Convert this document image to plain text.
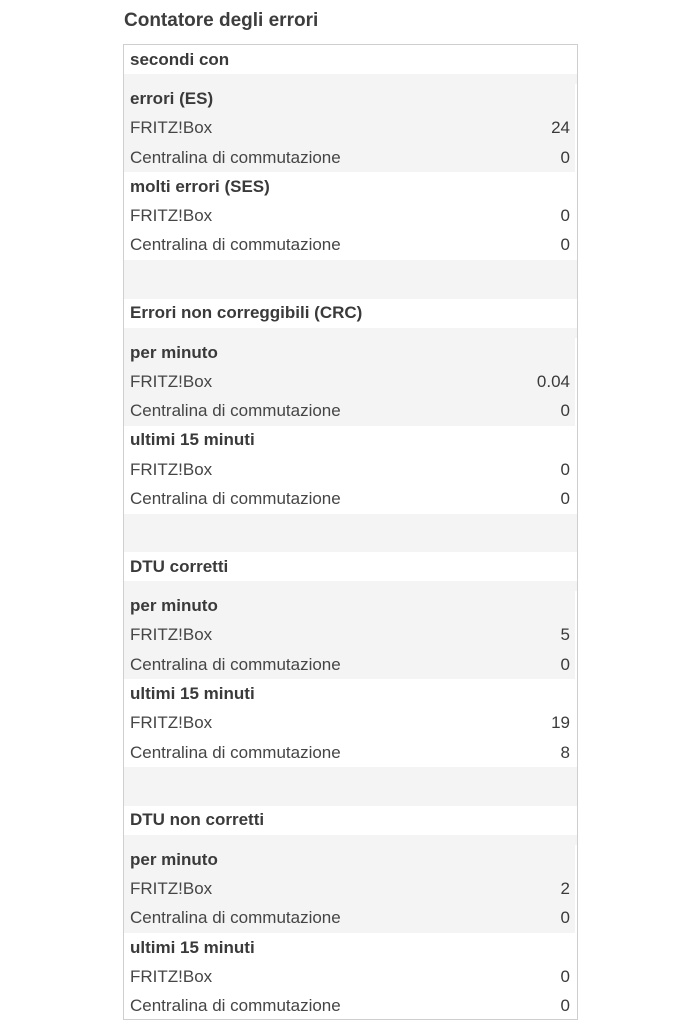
Contatore degli errori
secondi con
errori (ES)
FRITZ!Box	24
Centralina di commutazione	0
molti errori (SES)
FRITZ!Box	0
Centralina di commutazione	0
Errori non correggibili (CRC)
per minuto
FRITZ!Box	0.04
Centralina di commutazione	0
ultimi 15 minuti
FRITZ!Box	0
Centralina di commutazione	0
DTU corretti
per minuto
FRITZ!Box	5
Centralina di commutazione	0
ultimi 15 minuti
FRITZ!Box	19
Centralina di commutazione	8
DTU non corretti
per minuto
FRITZ!Box	2
Centralina di commutazione	0
ultimi 15 minuti
FRITZ!Box	0
Centralina di commutazione	0
